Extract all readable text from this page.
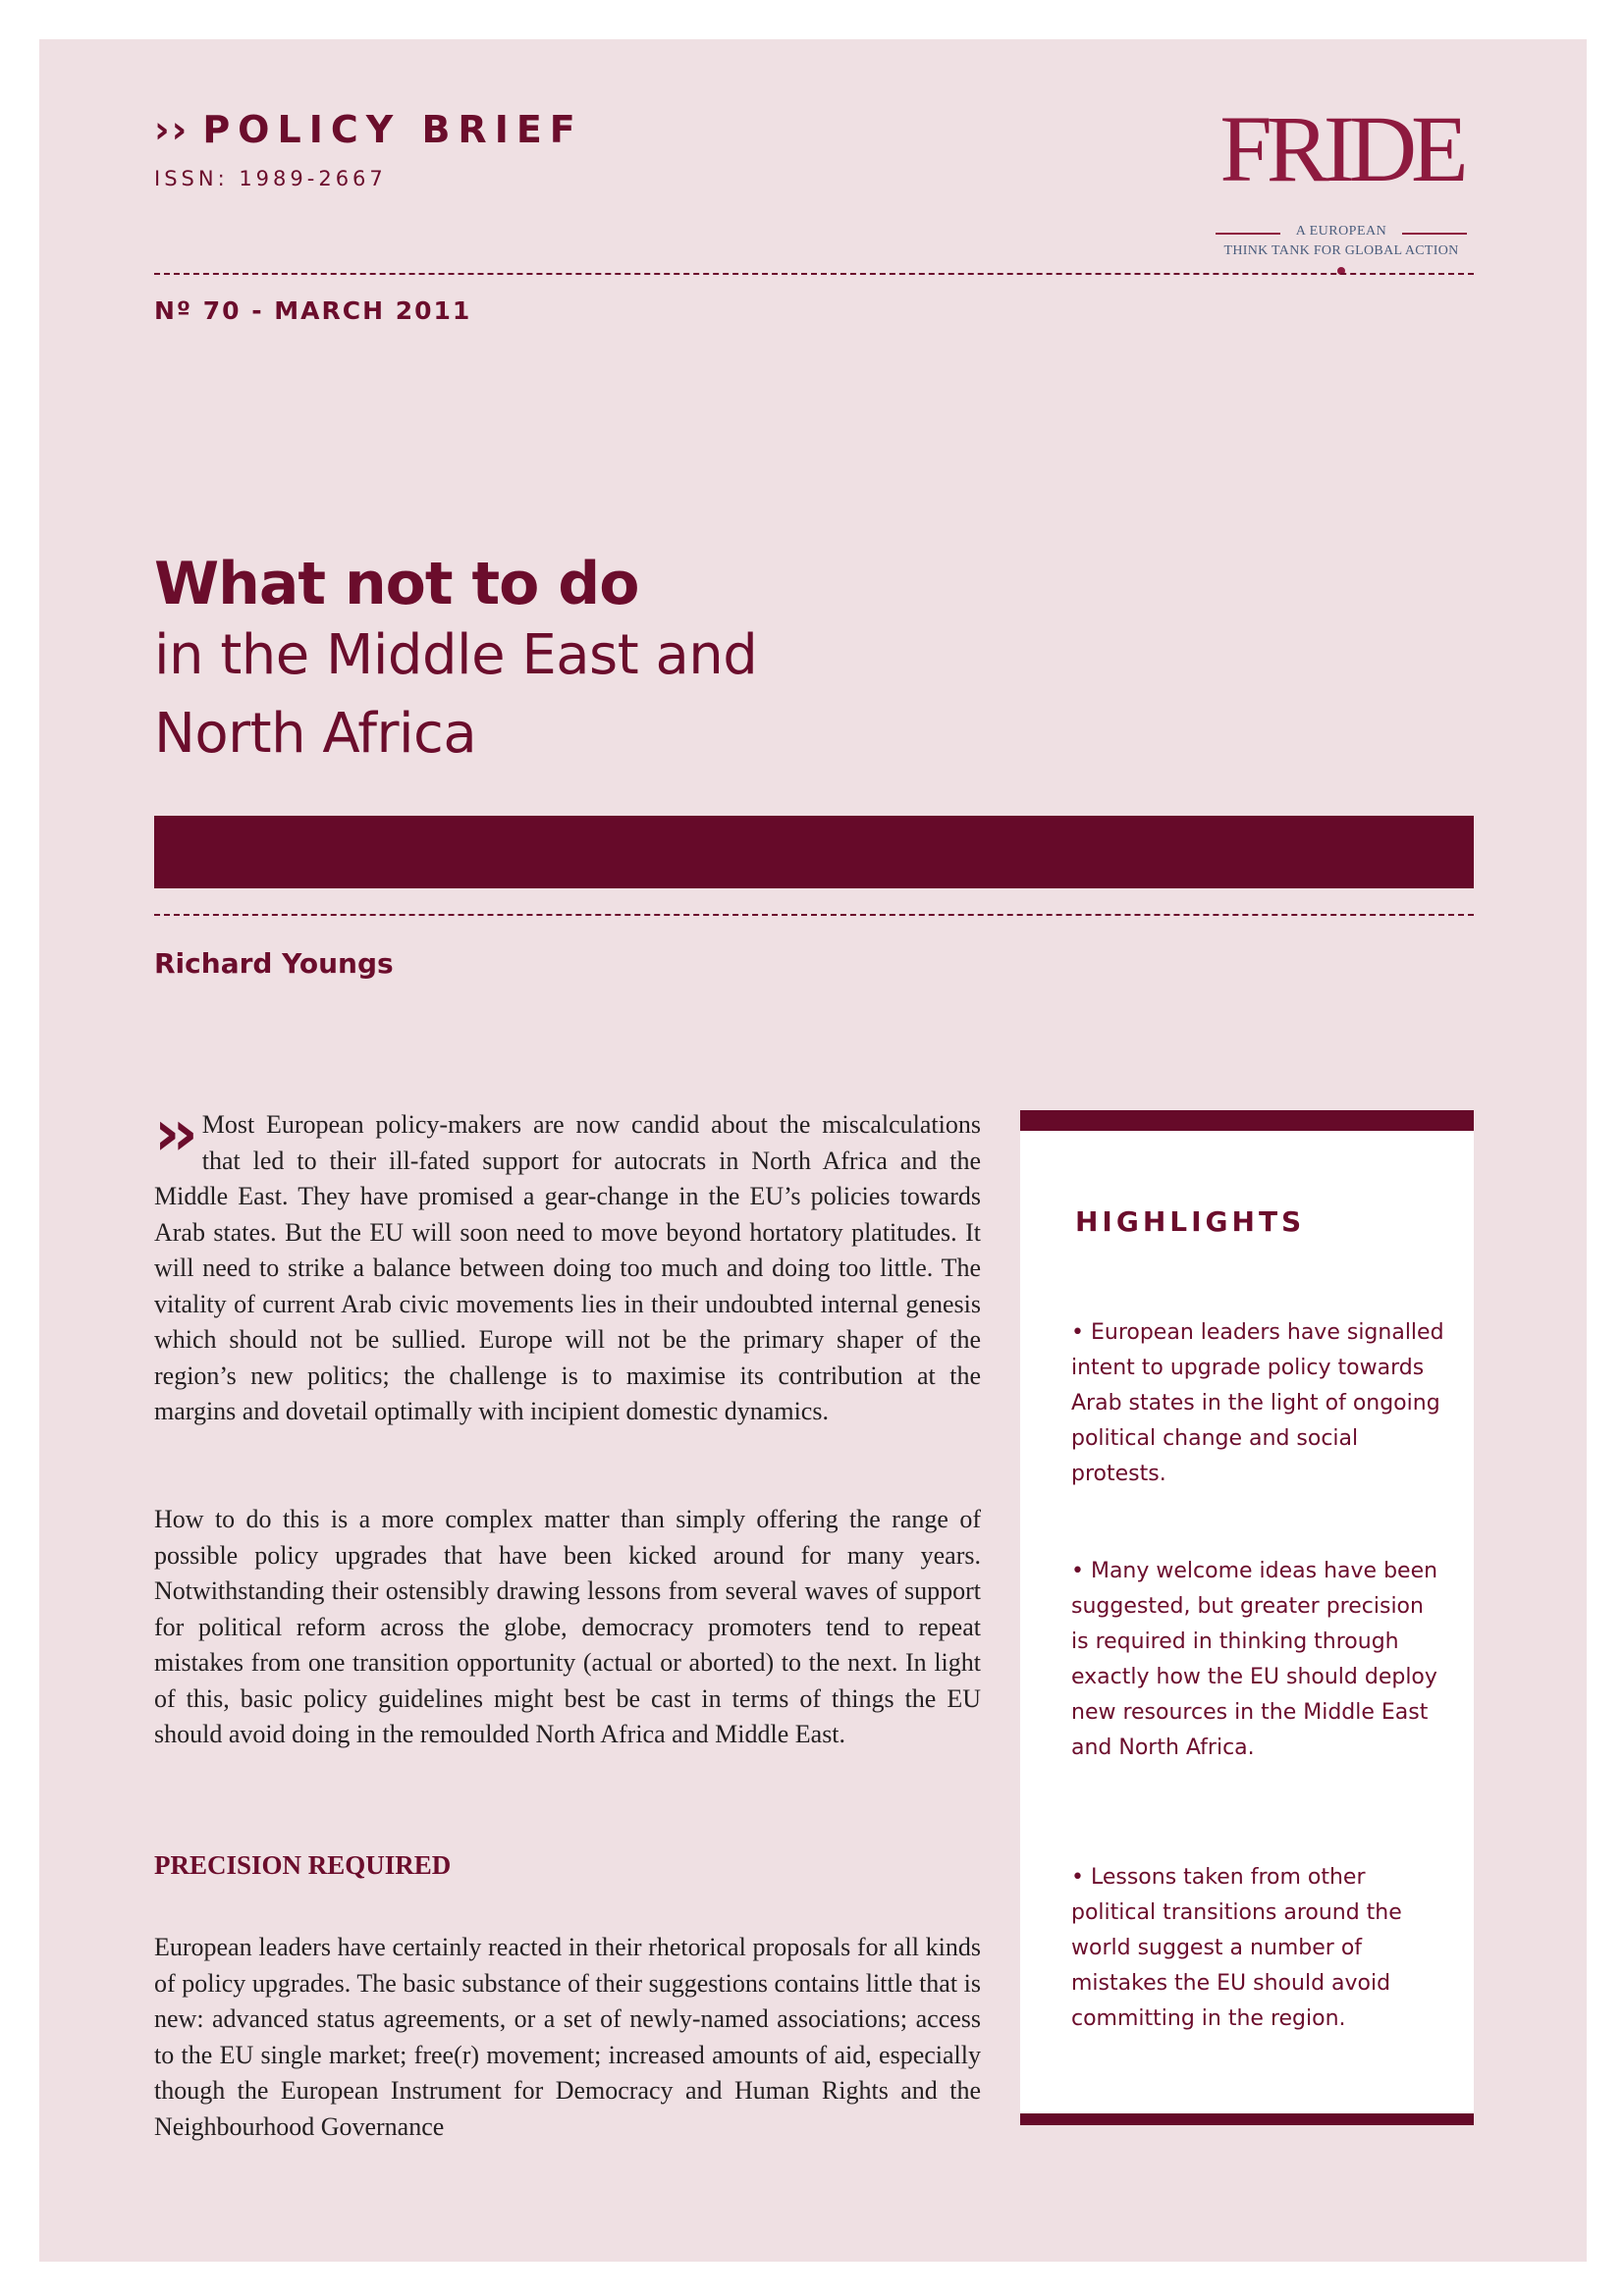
›› POLICY BRIEF
ISSN: 1989-2667	FRIDE
A EUROPEAN
THINK TANK FOR GLOBAL ACTION
Nº 70 - MARCH 2011
What not to do
in the Middle East and
North Africa
Richard Youngs

›› Most European policy-makers are now candid about the miscalculations that led to their ill-fated support for autocrats in North Africa and the Middle East. They have promised a gear-change in the EU’s policies towards Arab states. But the EU will soon need to move beyond hortatory platitudes. It will need to strike a balance between doing too much and doing too little. The vitality of current Arab civic movements lies in their undoubted internal genesis which should not be sullied. Europe will not be the primary shaper of the region’s new politics; the challenge is to maximise its contribution at the margins and dovetail optimally with incipient domestic dynamics.

How to do this is a more complex matter than simply offering the range of possible policy upgrades that have been kicked around for many years. Notwithstanding their ostensibly drawing lessons from several waves of support for political reform across the globe, democracy promoters tend to repeat mistakes from one transition opportunity (actual or aborted) to the next. In light of this, basic policy guidelines might best be cast in terms of things the EU should avoid doing in the remoulded North Africa and Middle East.

PRECISION REQUIRED

European leaders have certainly reacted in their rhetorical proposals for all kinds of policy upgrades. The basic substance of their suggestions contains little that is new: advanced status agreements, or a set of newly-named associations; access to the EU single market; free(r) movement; increased amounts of aid, especially though the European Instrument for Democracy and Human Rights and the Neighbourhood Governance

HIGHLIGHTS

• European leaders have signalled intent to upgrade policy towards Arab states in the light of ongoing political change and social protests.

• Many welcome ideas have been suggested, but greater precision is required in thinking through exactly how the EU should deploy new resources in the Middle East and North Africa.

• Lessons taken from other political transitions around the world suggest a number of mistakes the EU should avoid committing in the region.
